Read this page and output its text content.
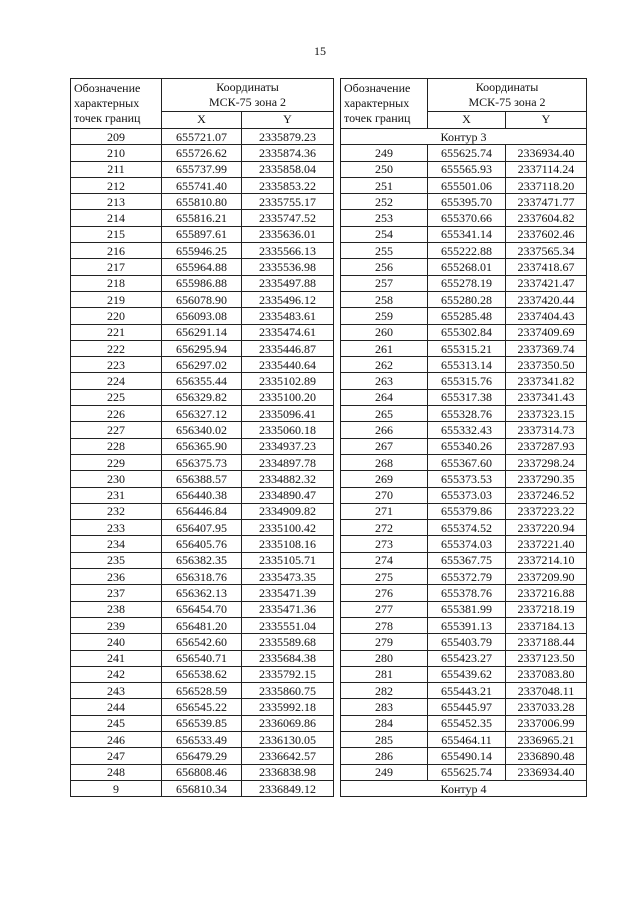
15
Обозначение характерных точек границ	Координаты
МСК-75 зона 2	
	X	Y
209	655721.07	2335879.23
210	655726.62	2335874.36
211	655737.99	2335858.04
212	655741.40	2335853.22
213	655810.80	2335755.17
214	655816.21	2335747.52
215	655897.61	2335636.01
216	655946.25	2335566.13
217	655964.88	2335536.98
218	655986.88	2335497.88
219	656078.90	2335496.12
220	656093.08	2335483.61
221	656291.14	2335474.61
222	656295.94	2335446.87
223	656297.02	2335440.64
224	656355.44	2335102.89
225	656329.82	2335100.20
226	656327.12	2335096.41
227	656340.02	2335060.18
228	656365.90	2334937.23
229	656375.73	2334897.78
230	656388.57	2334882.32
231	656440.38	2334890.47
232	656446.84	2334909.82
233	656407.95	2335100.42
234	656405.76	2335108.16
235	656382.35	2335105.71
236	656318.76	2335473.35
237	656362.13	2335471.39
238	656454.70	2335471.36
239	656481.20	2335551.04
240	656542.60	2335589.68
241	656540.71	2335684.38
242	656538.62	2335792.15
243	656528.59	2335860.75
244	656545.22	2335992.18
245	656539.85	2336069.86
246	656533.49	2336130.05
247	656479.29	2336642.57
248	656808.46	2336838.98
9	656810.34	2336849.12
Обозначение характерных точек границ	Координаты
МСК-75 зона 2	
	X	Y
Контур 3		
249	655625.74	2336934.40
250	655565.93	2337114.24
251	655501.06	2337118.20
252	655395.70	2337471.77
253	655370.66	2337604.82
254	655341.14	2337602.46
255	655222.88	2337565.34
256	655268.01	2337418.67
257	655278.19	2337421.47
258	655280.28	2337420.44
259	655285.48	2337404.43
260	655302.84	2337409.69
261	655315.21	2337369.74
262	655313.14	2337350.50
263	655315.76	2337341.82
264	655317.38	2337341.43
265	655328.76	2337323.15
266	655332.43	2337314.73
267	655340.26	2337287.93
268	655367.60	2337298.24
269	655373.53	2337290.35
270	655373.03	2337246.52
271	655379.86	2337223.22
272	655374.52	2337220.94
273	655374.03	2337221.40
274	655367.75	2337214.10
275	655372.79	2337209.90
276	655378.76	2337216.88
277	655381.99	2337218.19
278	655391.13	2337184.13
279	655403.79	2337188.44
280	655423.27	2337123.50
281	655439.62	2337083.80
282	655443.21	2337048.11
283	655445.97	2337033.28
284	655452.35	2337006.99
285	655464.11	2336965.21
286	655490.14	2336890.48
249	655625.74	2336934.40
Контур 4		
